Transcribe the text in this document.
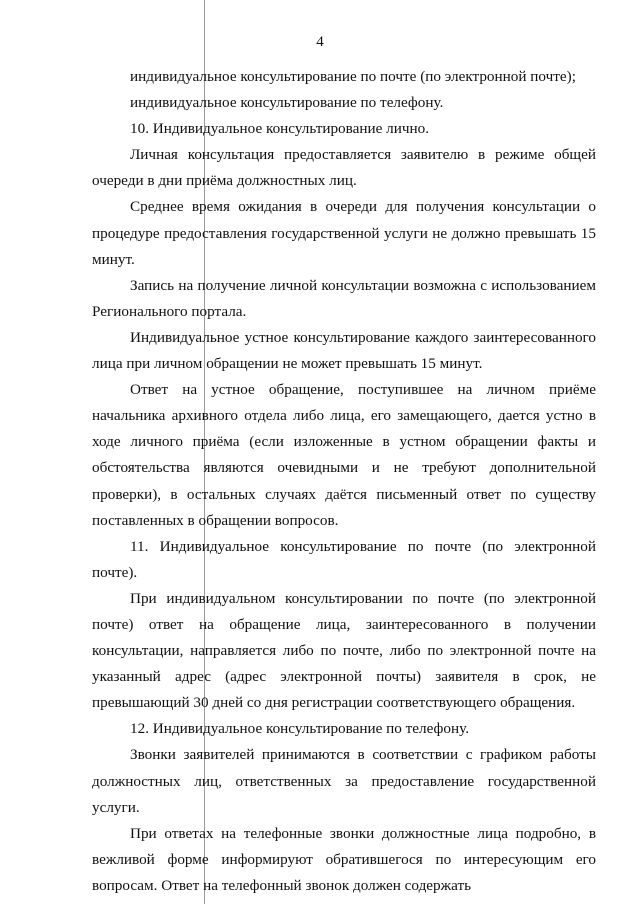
4

индивидуальное консультирование по почте (по электронной почте);

индивидуальное консультирование по телефону.

10. Индивидуальное консультирование лично.

Личная консультация предоставляется заявителю в режиме общей очереди в дни приёма должностных лиц.

Среднее время ожидания в очереди для получения консультации о процедуре предоставления государственной услуги не должно превышать 15 минут.

Запись на получение личной консультации возможна с использованием Регионального портала.

Индивидуальное устное консультирование каждого заинтересованного лица при личном обращении не может превышать 15 минут.

Ответ на устное обращение, поступившее на личном приёме начальника архивного отдела либо лица, его замещающего, дается устно в ходе личного приёма (если изложенные в устном обращении факты и обстоятельства являются очевидными и не требуют дополнительной проверки), в остальных случаях даётся письменный ответ по существу поставленных в обращении вопросов.

11. Индивидуальное консультирование по почте (по электронной почте).

При индивидуальном консультировании по почте (по электронной почте) ответ на обращение лица, заинтересованного в получении консультации, направляется либо по почте, либо по электронной почте на указанный адрес (адрес электронной почты) заявителя в срок, не превышающий 30 дней со дня регистрации соответствующего обращения.

12. Индивидуальное консультирование по телефону.

Звонки заявителей принимаются в соответствии с графиком работы должностных лиц, ответственных за предоставление государственной услуги.

При ответах на телефонные звонки должностные лица подробно, в вежливой форме информируют обратившегося по интересующим его вопросам. Ответ на телефонный звонок должен содержать
